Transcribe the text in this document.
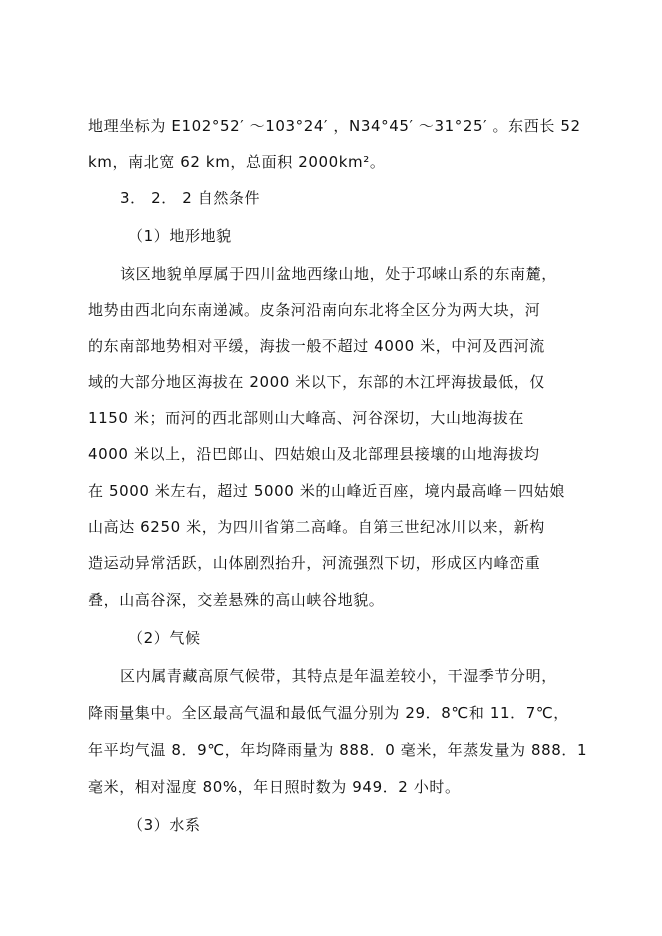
地理坐标为 E102°52′ ～103°24′ ，N34°45′ ～31°25′ 。东西长 52
km，南北宽 62 km，总面积 2000km²。
3． 2． 2 自然条件
（1）地形地貌
该区地貌单厚属于四川盆地西缘山地，处于邛崃山系的东南麓，
地势由西北向东南递减。皮条河沿南向东北将全区分为两大块，河
的东南部地势相对平缓，海拔一般不超过 4000 米，中河及西河流
域的大部分地区海拔在 2000 米以下，东部的木江坪海拔最低，仅
1150 米；而河的西北部则山大峰高、河谷深切，大山地海拔在
4000 米以上，沿巴郎山、四姑娘山及北部理县接壤的山地海拔均
在 5000 米左右，超过 5000 米的山峰近百座，境内最高峰－四姑娘
山高达 6250 米，为四川省第二高峰。自第三世纪冰川以来，新构
造运动异常活跃，山体剧烈抬升，河流强烈下切，形成区内峰峦重
叠，山高谷深，交差悬殊的高山峡谷地貌。
（2）气候
区内属青藏高原气候带，其特点是年温差较小，干湿季节分明，
降雨量集中。全区最高气温和最低气温分别为 29．8℃和 11．7℃，
年平均气温 8．9℃，年均降雨量为 888．0 毫米，年蒸发量为 888．1
毫米，相对湿度 80%，年日照时数为 949．2 小时。
（3）水系
